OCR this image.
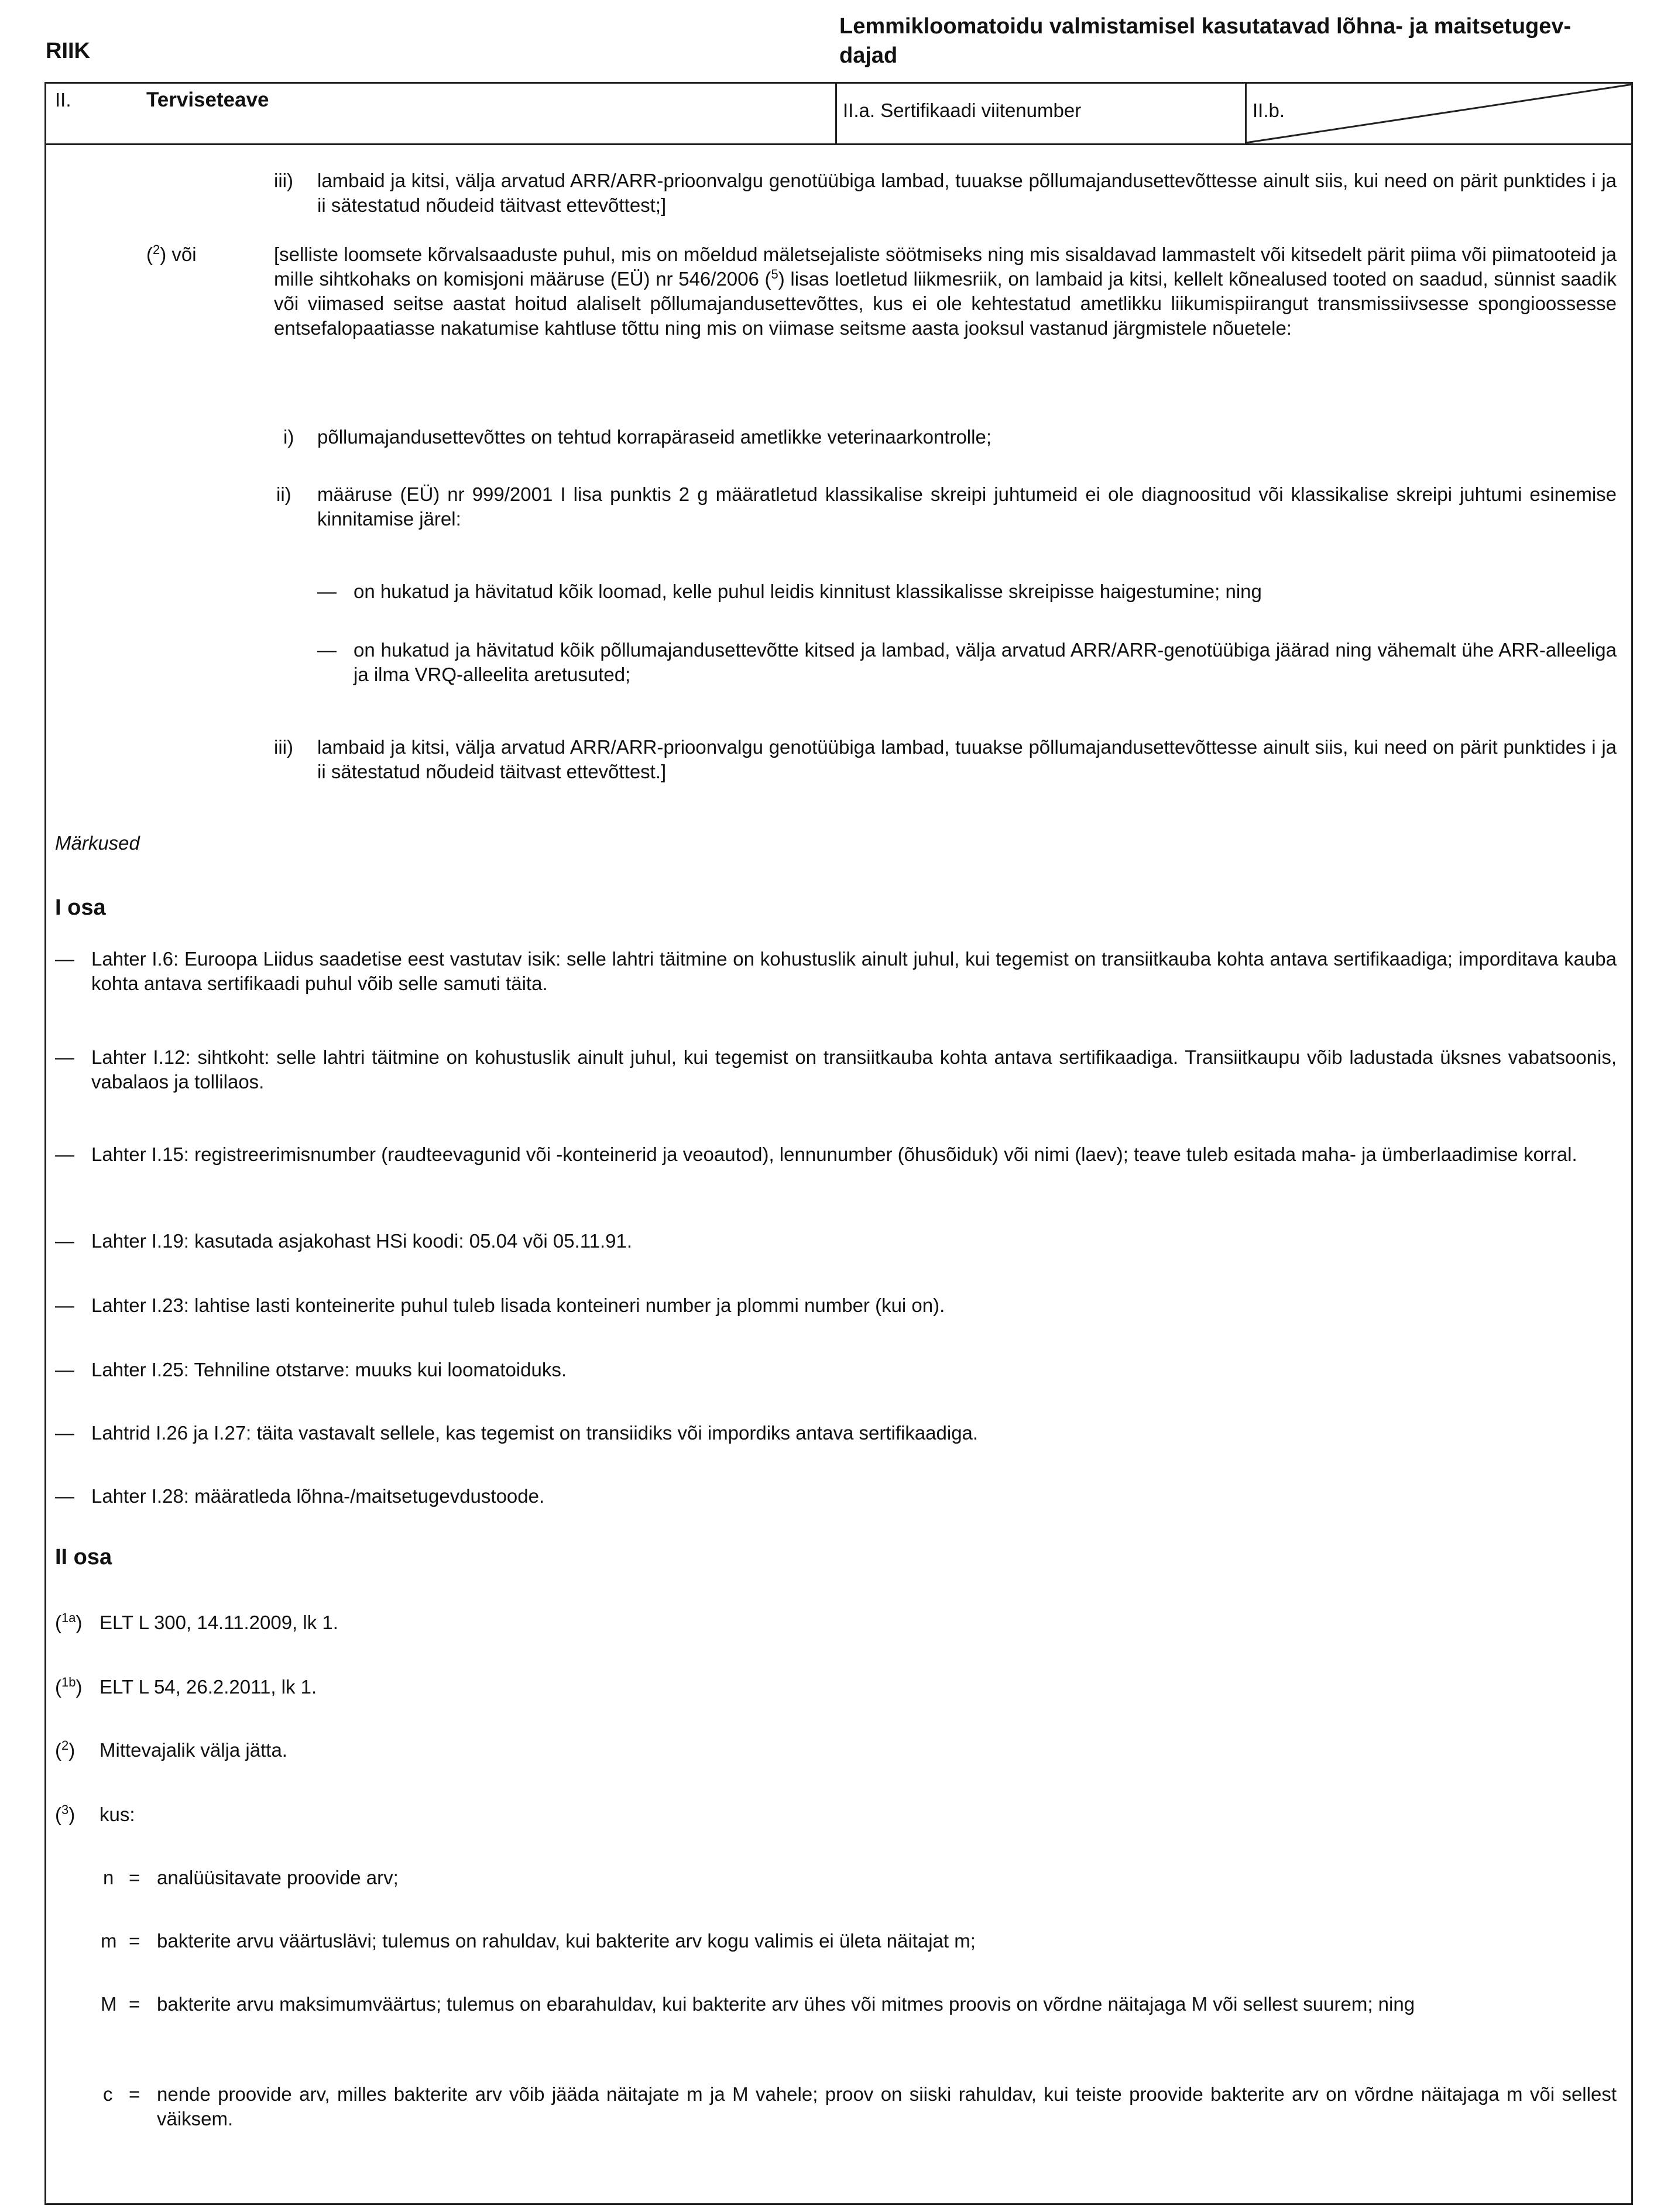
RIIK
Lemmikloomatoidu valmistamisel kasutatavad lõhna- ja maitsetugev-dajad
II.	Terviseteave	II.a. Sertifikaadi viitenumber	II.b.
iii) lambaid ja kitsi, välja arvatud ARR/ARR-prioonvalgu genotüübiga lambad, tuuakse põllumajandusettevõttesse ainult siis, kui need on pärit punktides i ja ii sätestatud nõudeid täitvast ettevõttest;]
($^2$) või	[selliste loomsete kõrvalsaaduste puhul, mis on mõeldud mäletsejaliste söötmiseks ning mis sisaldavad lammastelt või kitsedelt pärit piima või piimatooteid ja mille sihtkohaks on komisjoni määruse (EÜ) nr 546/2006 ($^5$) lisas loetletud liikmesriik, on lambaid ja kitsi, kellelt kõnealused tooted on saadud, sünnist saadik või viimased seitse aastat hoitud alaliselt põllumajandusettevõttes, kus ei ole kehtestatud ametlikku liikumispiirangut transmissiivsesse spongioossesse entsefalopaatiasse nakatumise kahtluse tõttu ning mis on viimase seitsme aasta jooksul vastanud järgmistele nõuetele:
i) põllumajandusettevõttes on tehtud korrapäraseid ametlikke veterinaarkontrolle;
ii) määruse (EÜ) nr 999/2001 I lisa punktis 2 g määratletud klassikalise skreipi juhtumeid ei ole diagnoositud või klassikalise skreipi juhtumi esinemise kinnitamise järel:
— on hukatud ja hävitatud kõik loomad, kelle puhul leidis kinnitust klassikalisse skreipisse haigestumine; ning
— on hukatud ja hävitatud kõik põllumajandusettevõtte kitsed ja lambad, välja arvatud ARR/ARR-genotüübiga jäärad ning vähemalt ühe ARR-alleeliga ja ilma VRQ-alleelita aretusuted;
iii) lambaid ja kitsi, välja arvatud ARR/ARR-prioonvalgu genotüübiga lambad, tuuakse põllumajandusettevõttesse ainult siis, kui need on pärit punktides i ja ii sätestatud nõudeid täitvast ettevõttest.]
Märkused
I osa
— Lahter I.6: Euroopa Liidus saadetise eest vastutav isik: selle lahtri täitmine on kohustuslik ainult juhul, kui tegemist on transiitkauba kohta antava sertifikaadiga; imporditava kauba kohta antava sertifikaadi puhul võib selle samuti täita.
— Lahter I.12: sihtkoht: selle lahtri täitmine on kohustuslik ainult juhul, kui tegemist on transiitkauba kohta antava sertifikaadiga. Transiitkaupu võib ladustada üksnes vabatsoonis, vabalaos ja tollilaos.
— Lahter I.15: registreerimisnumber (raudteevagunid või -konteinerid ja veoautod), lennunumber (õhusõiduk) või nimi (laev); teave tuleb esitada maha- ja ümberlaadimise korral.
— Lahter I.19: kasutada asjakohast HSi koodi: 05.04 või 05.11.91.
— Lahter I.23: lahtise lasti konteinerite puhul tuleb lisada konteineri number ja plommi number (kui on).
— Lahter I.25: Tehniline otstarve: muuks kui loomatoiduks.
— Lahtrid I.26 ja I.27: täita vastavalt sellele, kas tegemist on transiidiks või impordiks antava sertifikaadiga.
— Lahter I.28: määratleda lõhna-/maitsetugevdustoode.
II osa
($^{1a}$) ELT L 300, 14.11.2009, lk 1.
($^{1b}$) ELT L 54, 26.2.2011, lk 1.
($^2$) Mittevajalik välja jätta.
($^3$) kus:
n = analüüsitavate proovide arv;
m = bakterite arvu väärtuslävi; tulemus on rahuldav, kui bakterite arv kogu valimis ei ületa näitajat m;
M = bakterite arvu maksimumväärtus; tulemus on ebarahuldav, kui bakterite arv ühes või mitmes proovis on võrdne näitajaga M või sellest suurem; ning
c = nende proovide arv, milles bakterite arv võib jääda näitajate m ja M vahele; proov on siiski rahuldav, kui teiste proovide bakterite arv on võrdne näitajaga m või sellest väiksem.
